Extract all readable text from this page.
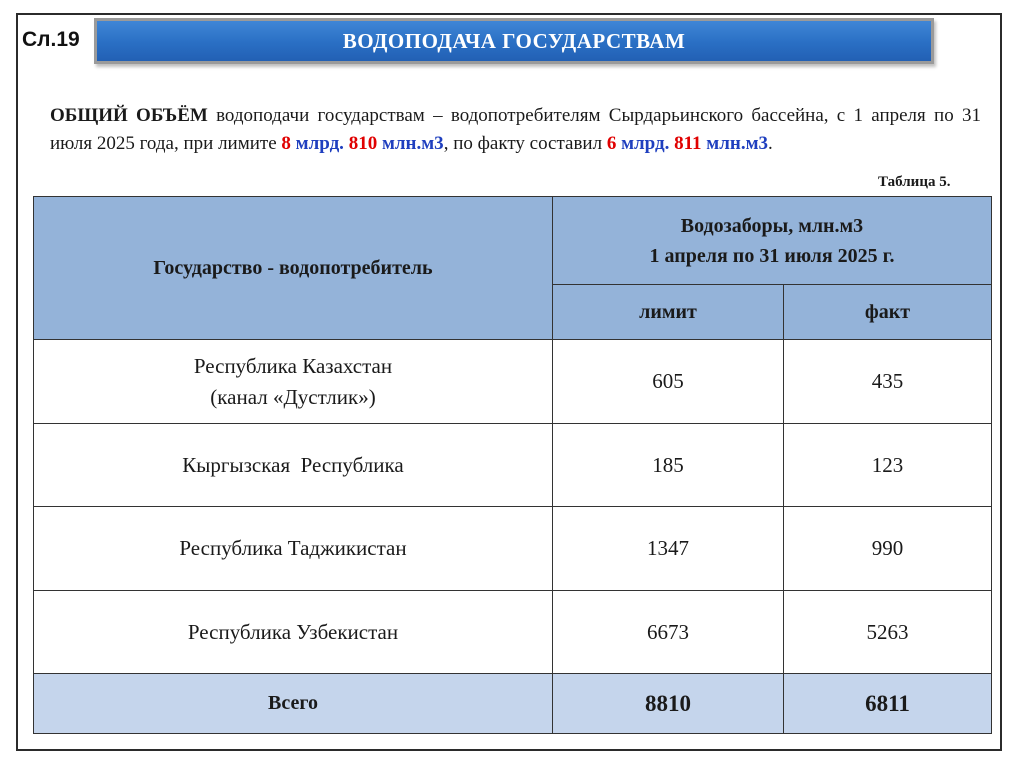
Сл.19	ВОДОПОДАЧА ГОСУДАРСТВАМ
ОБЩИЙ ОБЪЁМ водоподачи государствам – водопотребителям Сырдарьинского бассейна, с 1 апреля по 31 июля 2025 года, при лимите 8 млрд. 810 млн.м3, по факту составил 6 млрд. 811 млн.м3.
Таблица 5.
Государство - водопотребитель	Водозаборы, млн.м3
1 апреля по 31 июля 2025 г.	

	лимит	факт

Республика Казахстан
(канал «Дустлик»)	605	435
Кыргызская  Республика	185	123
Республика Таджикистан	1347	990
Республика Узбекистан	6673	5263
Всего	8810	6811
